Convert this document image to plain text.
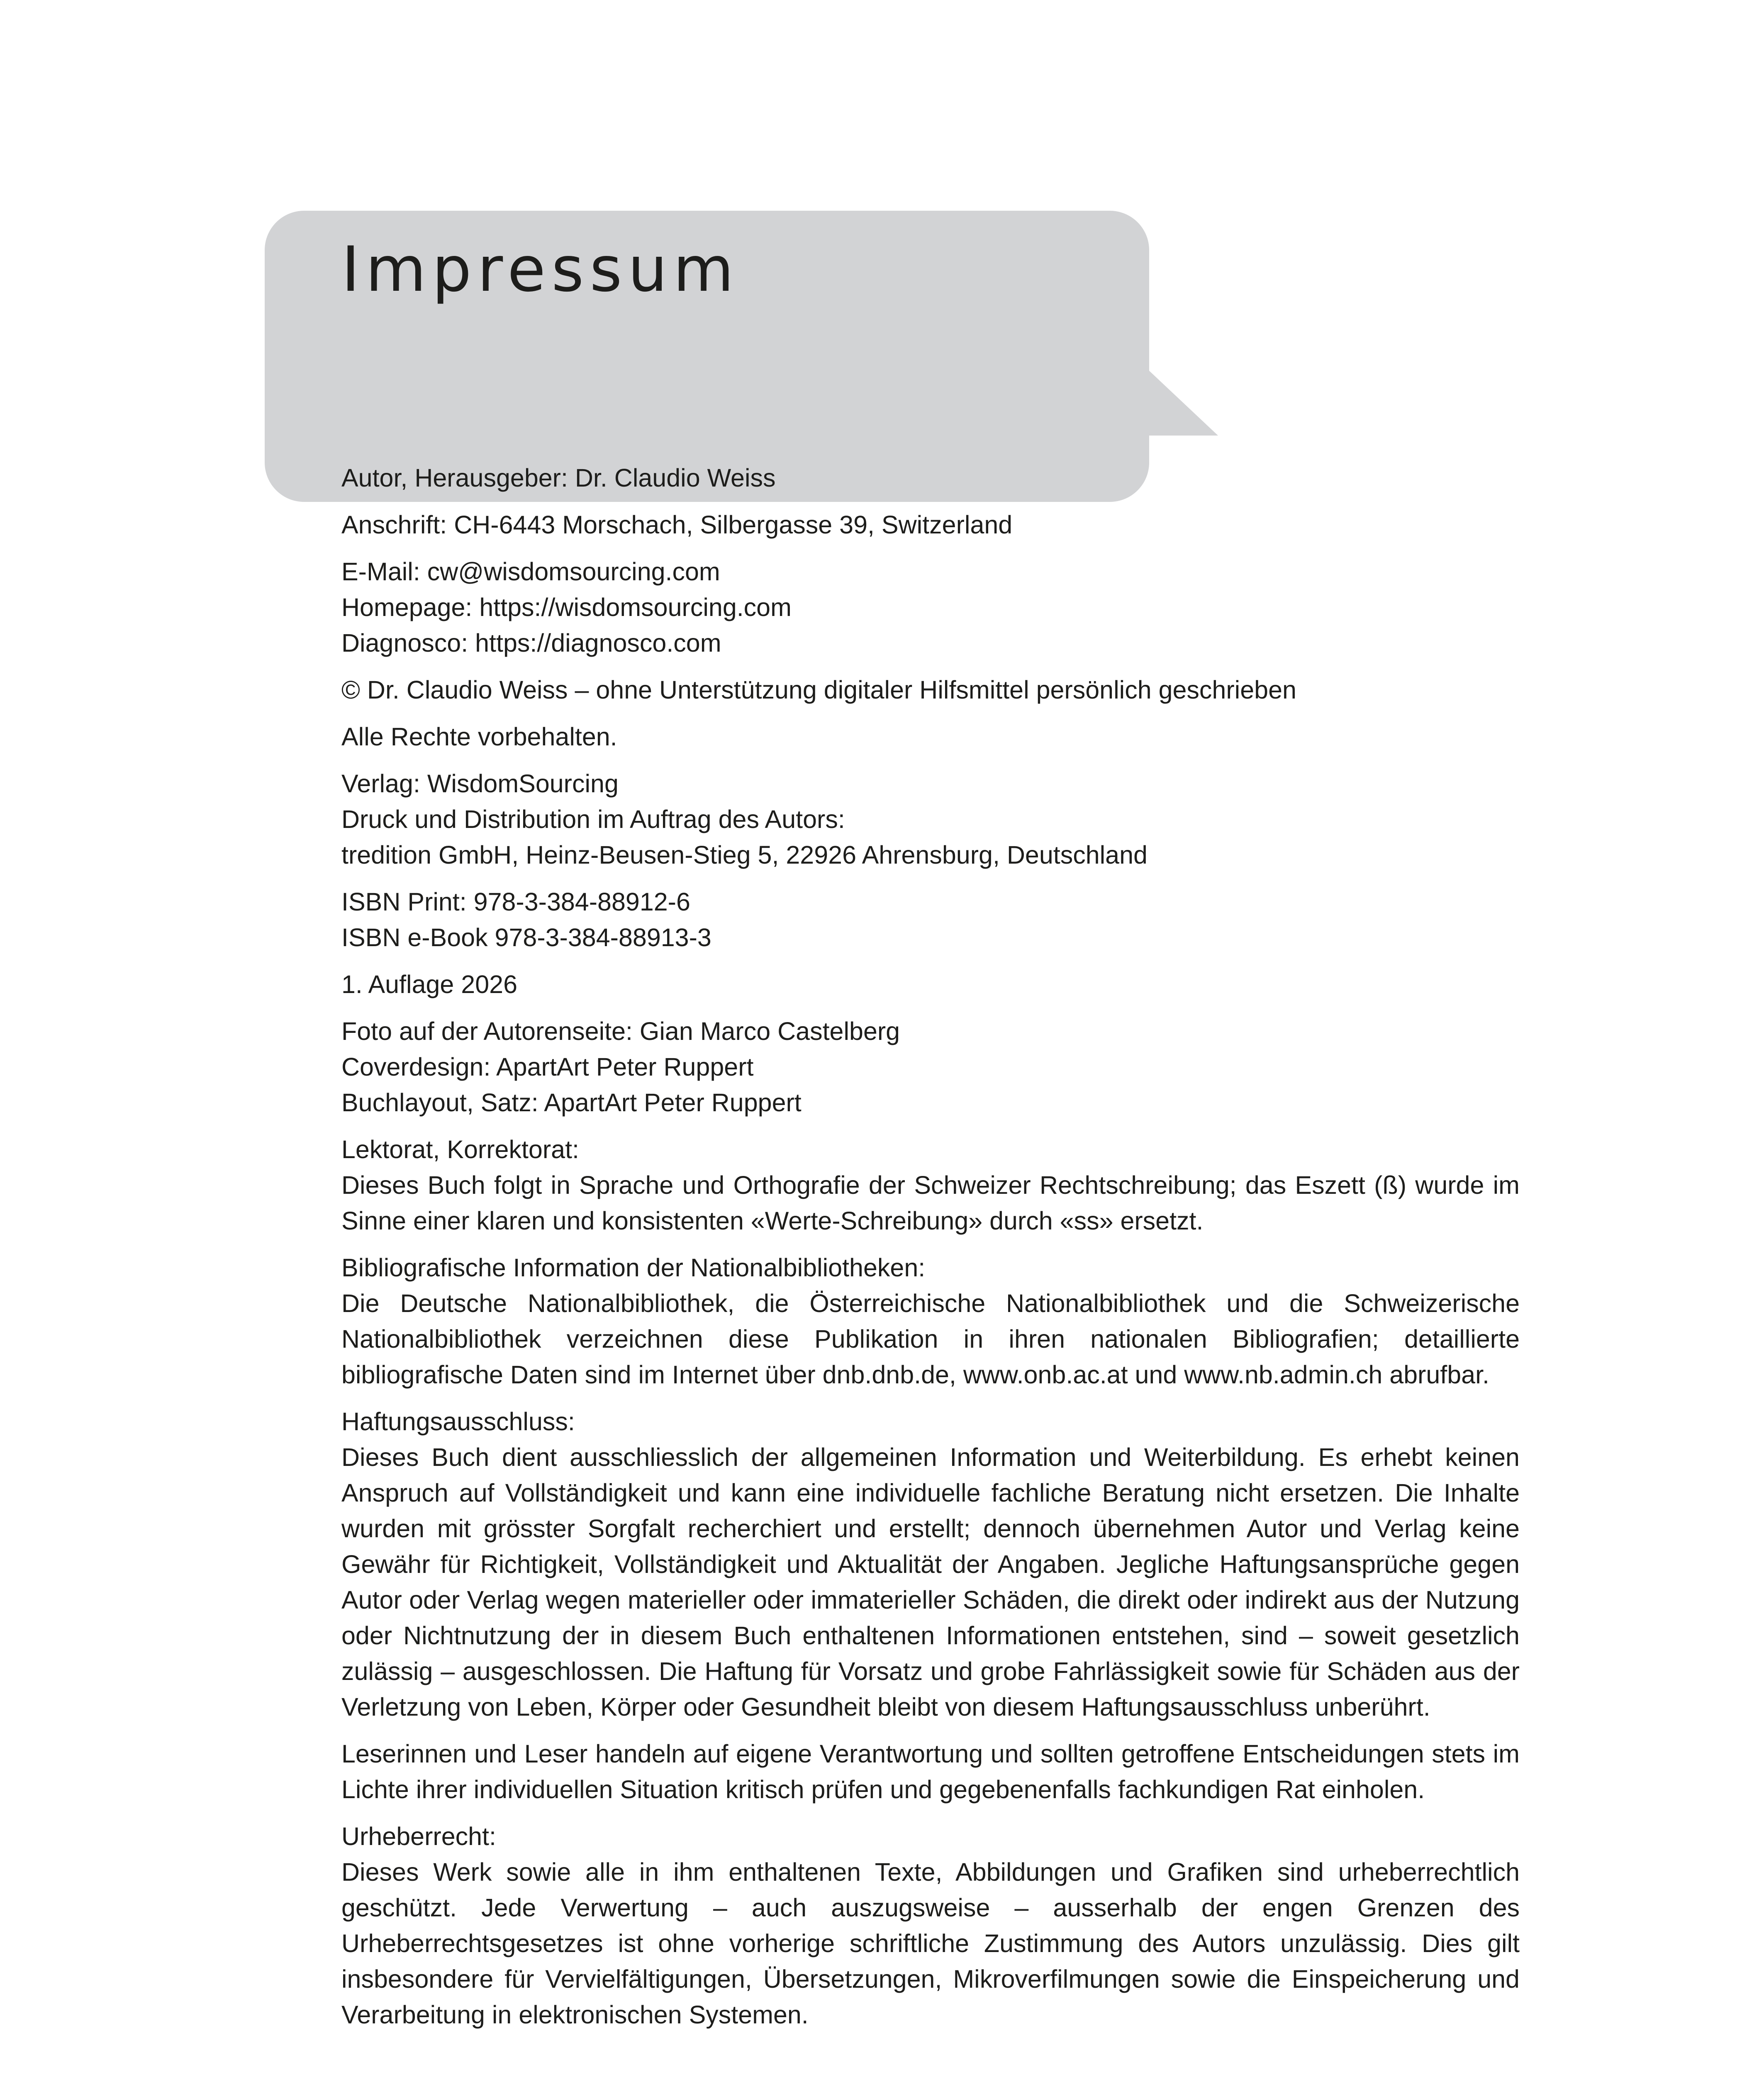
Impressum

Autor, Herausgeber: Dr. Claudio Weiss

Anschrift: CH-6443 Morschach, Silbergasse 39, Switzerland

E-Mail: cw@wisdomsourcing.com
Homepage: https://wisdomsourcing.com
Diagnosco: https://diagnosco.com

© Dr. Claudio Weiss – ohne Unterstützung digitaler Hilfsmittel persönlich geschrieben

Alle Rechte vorbehalten.

Verlag: WisdomSourcing
Druck und Distribution im Auftrag des Autors:
tredition GmbH, Heinz-Beusen-Stieg 5, 22926 Ahrensburg, Deutschland

ISBN Print: 978-3-384-88912-6
ISBN e-Book 978-3-384-88913-3

1. Auflage 2026

Foto auf der Autorenseite: Gian Marco Castelberg
Coverdesign: ApartArt Peter Ruppert
Buchlayout, Satz: ApartArt Peter Ruppert

Lektorat, Korrektorat:
Dieses Buch folgt in Sprache und Orthografie der Schweizer Rechtschreibung; das Eszett (ß) wurde im Sinne einer klaren und konsistenten «Werte-Schreibung» durch «ss» ersetzt.

Bibliografische Information der Nationalbibliotheken:
Die Deutsche Nationalbibliothek, die Österreichische Nationalbibliothek und die Schweizerische Nationalbibliothek verzeichnen diese Publikation in ihren nationalen Bibliografien; detaillierte bibliografische Daten sind im Internet über dnb.dnb.de, www.onb.ac.at und www.nb.admin.ch abrufbar.

Haftungsausschluss:
Dieses Buch dient ausschliesslich der allgemeinen Information und Weiterbildung. Es erhebt keinen Anspruch auf Vollständigkeit und kann eine individuelle fachliche Beratung nicht ersetzen. Die Inhalte wurden mit grösster Sorgfalt recherchiert und erstellt; dennoch übernehmen Autor und Verlag keine Gewähr für Richtigkeit, Vollständigkeit und Aktualität der Angaben. Jegliche Haftungsansprüche gegen Autor oder Verlag wegen materieller oder immaterieller Schäden, die direkt oder indirekt aus der Nutzung oder Nichtnutzung der in diesem Buch enthaltenen Informationen entstehen, sind – soweit gesetzlich zulässig – ausgeschlossen. Die Haftung für Vorsatz und grobe Fahrlässigkeit sowie für Schäden aus der Verletzung von Leben, Körper oder Gesundheit bleibt von diesem Haftungsausschluss unberührt.

Leserinnen und Leser handeln auf eigene Verantwortung und sollten getroffene Entscheidungen stets im Lichte ihrer individuellen Situation kritisch prüfen und gegebenenfalls fachkundigen Rat einholen.

Urheberrecht:
Dieses Werk sowie alle in ihm enthaltenen Texte, Abbildungen und Grafiken sind urheberrechtlich geschützt. Jede Verwertung – auch auszugsweise – ausserhalb der engen Grenzen des Urheberrechtsgesetzes ist ohne vorherige schriftliche Zustimmung des Autors unzulässig. Dies gilt insbesondere für Vervielfältigungen, Übersetzungen, Mikroverfilmungen sowie die Einspeicherung und Verarbeitung in elektronischen Systemen.
